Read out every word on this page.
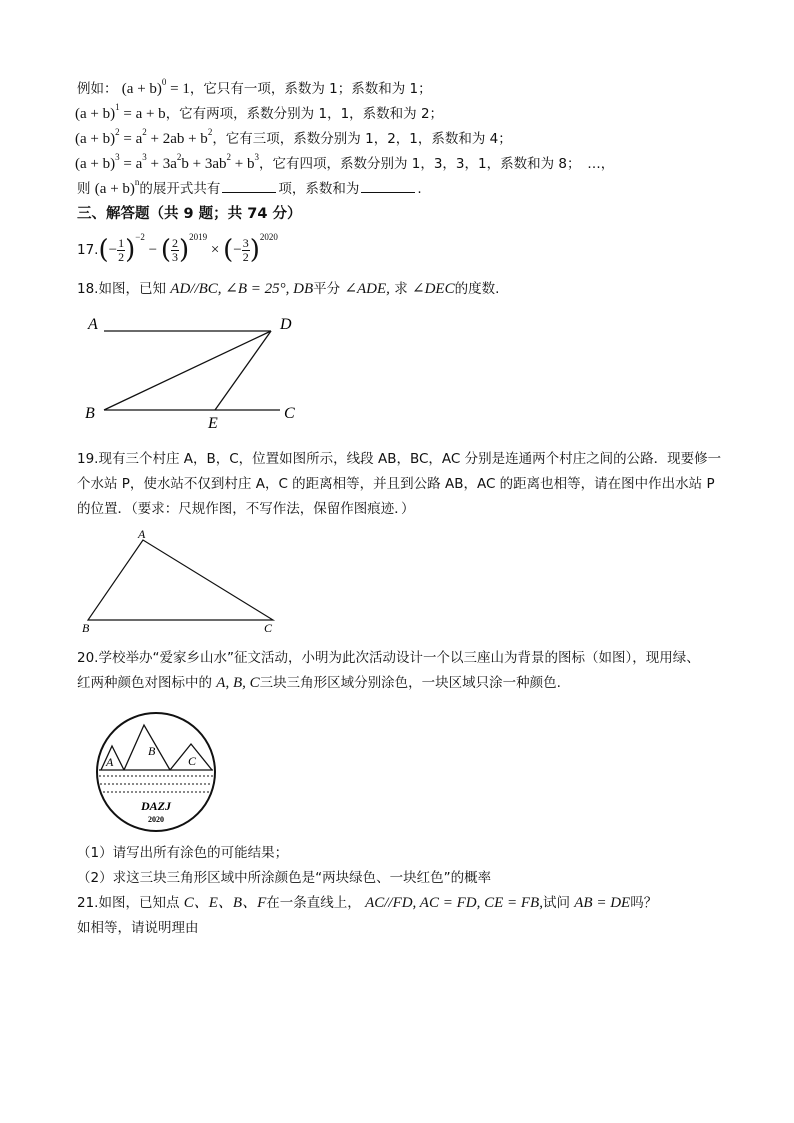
例如： $(a + b)^0 = 1$，它只有一项，系数为 1；系数和为 1；
$(a + b)^1 = a + b$，它有两项，系数分别为 1，1，系数和为 2；
$(a + b)^2 = a^2 + 2ab + b^2$，它有三项，系数分别为 1，2，1，系数和为 4；
$(a + b)^3 = a^3 + 3a^2b + 3ab^2 + b^3$，它有四项，系数分别为 1，3，3，1，系数和为 8；　…，
则 $(a + b)^n$的展开式共有	项，系数和为	.
三、解答题（共 9 题；共 74 分）
$17.(- \frac{1}{2} )^{-2}$ − ( $\frac{2}{3} )^{2019}$ × (− $\frac{3}{2} )^{2020}$
18.如图，已知 AD//BC, ∠B = 25°, DB平分 ∠ADE, 求 ∠DEC的度数.
A	D
B	C
E
19.现有三个村庄 A，B，C，位置如图所示，线段 AB，BC，AC 分别是连通两个村庄之间的公路．现要修一
个水站 P，使水站不仅到村庄 A，C 的距离相等，并且到公路 AB，AC 的距离也相等，请在图中作出水站 P
的位置．（要求：尺规作图，不写作法，保留作图痕迹．）
A
B	C
20.学校举办“爱家乡山水”征文活动，小明为此次活动设计一个以三座山为背景的图标（如图），现用绿、
红两种颜色对图标中的 A, B, C三块三角形区域分别涂色，一块区域只涂一种颜色.
A
B
C
DAZJ
2020
（1）请写出所有涂色的可能结果；
（2）求这三块三角形区域中所涂颜色是“两块绿色、一块红色”的概率
21.如图，已知点 C、E、B、F在一条直线上， AC//FD, AC = FD, CE = FB,试问 AB = DE吗？
如相等，请说明理由
